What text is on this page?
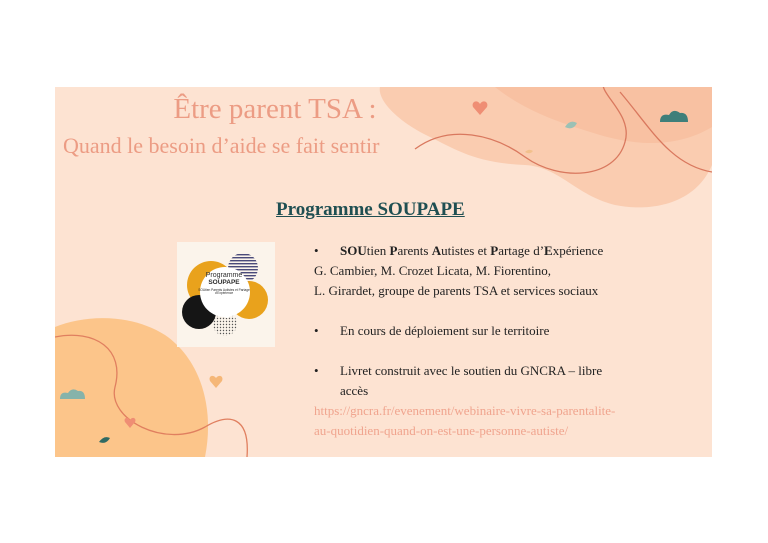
Être parent TSA :
Quand le besoin d’aide se fait sentir
Programme SOUPAPE
Programme
SOUPAPE
SOUtien Parents Autistes et Partage d'Expérience
• SOUtien Parents Autistes et Partage d’Expérience
G. Cambier, M. Crozet Licata, M. Fiorentino,
L. Girardet, groupe de parents TSA et services sociaux
• En cours de déploiement sur le territoire
• Livret construit avec le soutien du GNCRA – libre
accès
https://gncra.fr/evenement/webinaire-vivre-sa-parentalite-
au-quotidien-quand-on-est-une-personne-autiste/
